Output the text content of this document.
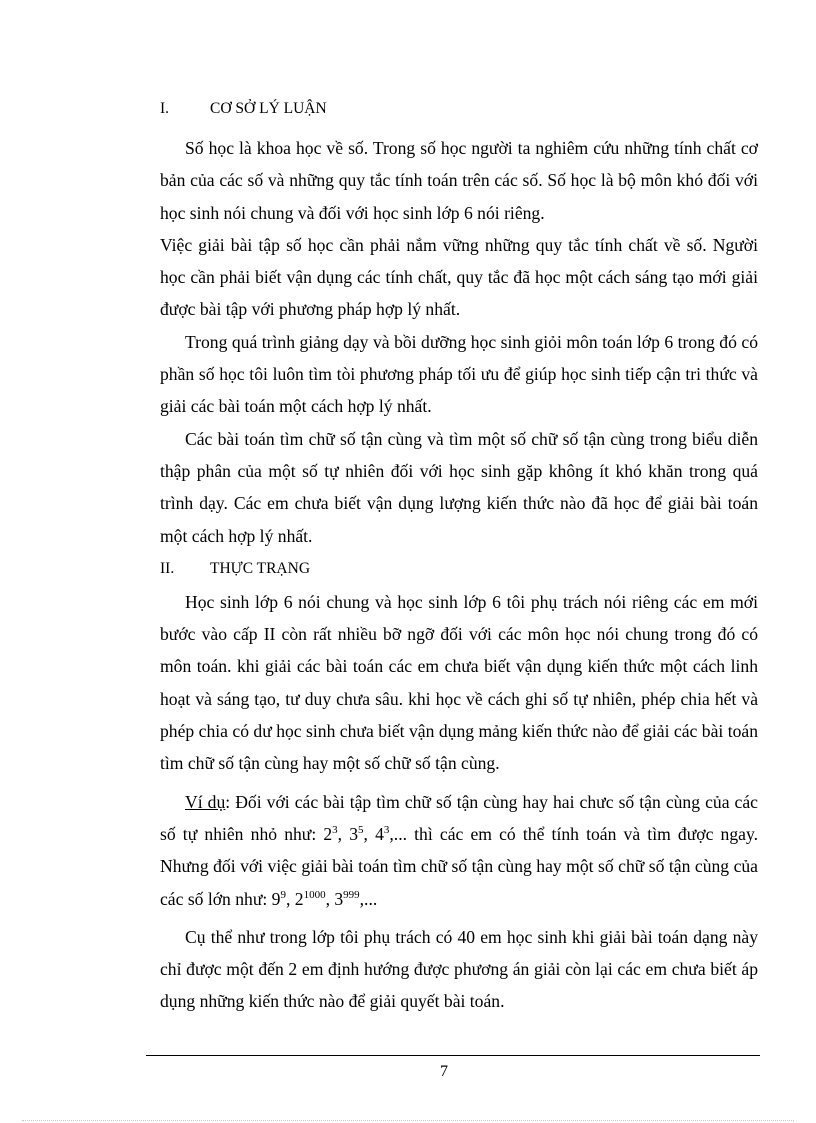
I.	CƠ SỞ LÝ LUẬN

Số học là khoa học về số. Trong số học người ta nghiêm cứu những tính chất cơ bản của các số và những quy tắc tính toán trên các số. Số học là bộ môn khó đối với học sinh nói chung và đối với học sinh lớp 6 nói riêng.

Việc giải bài tập số học cần phải nắm vững những quy tắc tính chất về số. Người học cần phải biết vận dụng các tính chất, quy tắc đã học một cách sáng tạo mới giải được bài tập với phương pháp hợp lý nhất.

Trong quá trình giảng dạy và bồi dưỡng học sinh giỏi môn toán lớp 6 trong đó có phần số học tôi luôn tìm tòi phương pháp tối ưu để giúp học sinh tiếp cận tri thức và giải các bài toán một cách hợp lý nhất.

Các bài toán tìm chữ số tận cùng và tìm một số chữ số tận cùng trong biểu diễn thập phân của một số tự nhiên đối với học sinh gặp không ít khó khăn trong quá trình dạy. Các em chưa biết vận dụng lượng kiến thức nào đã học để giải bài toán một cách hợp lý nhất.

II. THỰC TRẠNG

Học sinh lớp 6 nói chung và học sinh lớp 6 tôi phụ trách nói riêng các em mới bước vào cấp II còn rất nhiều bỡ ngỡ đối với các môn học nói chung trong đó có môn toán. khi giải các bài toán các em chưa biết vận dụng kiến thức một cách linh hoạt và sáng tạo, tư duy chưa sâu. khi học về cách ghi số tự nhiên, phép chia hết và phép chia có dư học sinh chưa biết vận dụng mảng kiến thức nào để giải các bài toán tìm chữ số tận cùng hay một số chữ số tận cùng.

Ví dụ: Đối với các bài tập tìm chữ số tận cùng hay hai chưc số tận cùng của các số tự nhiên nhỏ như: $2^3$, $3^5$, $4^3$,... thì các em có thể tính toán và tìm được ngay. Nhưng đối với việc giải bài toán tìm chữ số tận cùng hay một số chữ số tận cùng của các số lớn như: $9^9$, $2^{1000}$, $3^{999}$,...

Cụ thể như trong lớp tôi phụ trách có 40 em học sinh khi giải bài toán dạng này chỉ được một đến 2 em định hướng được phương án giải còn lại các em chưa biết áp dụng những kiến thức nào để giải quyết bài toán.

7
